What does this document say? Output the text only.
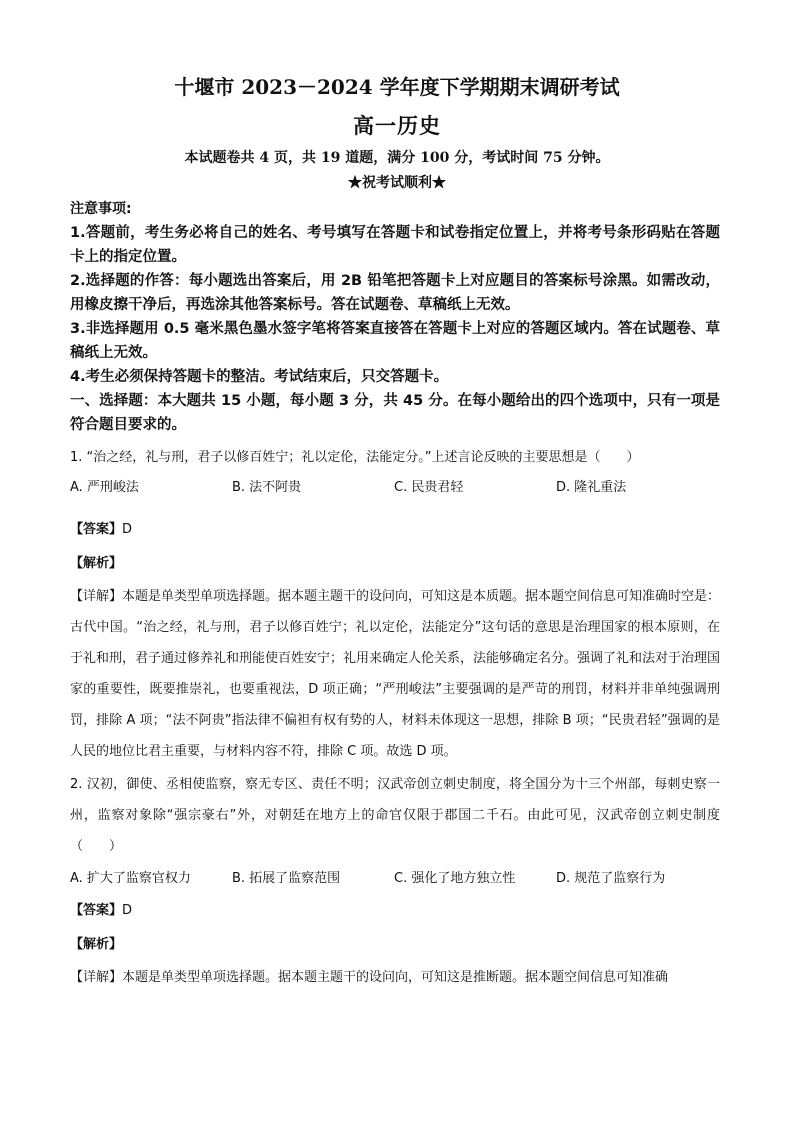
十堰市 2023－2024 学年度下学期期末调研考试
高一历史
本试题卷共 4 页，共 19 道题，满分 100 分，考试时间 75 分钟。
★祝考试顺利★
注意事项:

1.答题前，考生务必将自己的姓名、考号填写在答题卡和试卷指定位置上，并将考号条形码贴在答题卡上的指定位置。

2.选择题的作答：每小题选出答案后，用 2B 铅笔把答题卡上对应题目的答案标号涂黑。如需改动，用橡皮擦干净后，再选涂其他答案标号。答在试题卷、草稿纸上无效。

3.非选择题用 0.5 毫米黑色墨水签字笔将答案直接答在答题卡上对应的答题区域内。答在试题卷、草稿纸上无效。

4.考生必须保持答题卡的整洁。考试结束后，只交答题卡。

一、选择题：本大题共 15 小题，每小题 3 分，共 45 分。在每小题给出的四个选项中，只有一项是符合题目要求的。

1. “治之经，礼与刑，君子以修百姓宁；礼以定伦，法能定分。”上述言论反映的主要思想是（　　）

A. 严刑峻法	B. 法不阿贵	C. 民贵君轻	D. 隆礼重法
【答案】D
【解析】

【详解】本题是单类型单项选择题。据本题主题干的设问向，可知这是本质题。据本题空间信息可知准确时空是：古代中国。“治之经，礼与刑，君子以修百姓宁；礼以定伦，法能定分”这句话的意思是治理国家的根本原则，在于礼和刑，君子通过修养礼和刑能使百姓安宁；礼用来确定人伦关系，法能够确定名分。强调了礼和法对于治理国家的重要性，既要推崇礼，也要重视法，D 项正确；“严刑峻法”主要强调的是严苛的刑罚，材料并非单纯强调刑罚，排除 A 项；“法不阿贵”指法律不偏袒有权有势的人，材料未体现这一思想，排除 B 项；“民贵君轻”强调的是人民的地位比君主重要，与材料内容不符，排除 C 项。故选 D 项。

2. 汉初，御使、丞相使监察，察无专区、责任不明；汉武帝创立刺史制度，将全国分为十三个州部，每刺史察一州，监察对象除“强宗豪右”外，对朝廷在地方上的命官仅限于郡国二千石。由此可见，汉武帝创立刺史制度（　　）

A. 扩大了监察官权力	B. 拓展了监察范围	C. 强化了地方独立性	D. 规范了监察行为
【答案】D
【解析】

【详解】本题是单类型单项选择题。据本题主题干的设问向，可知这是推断题。据本题空间信息可知准确
